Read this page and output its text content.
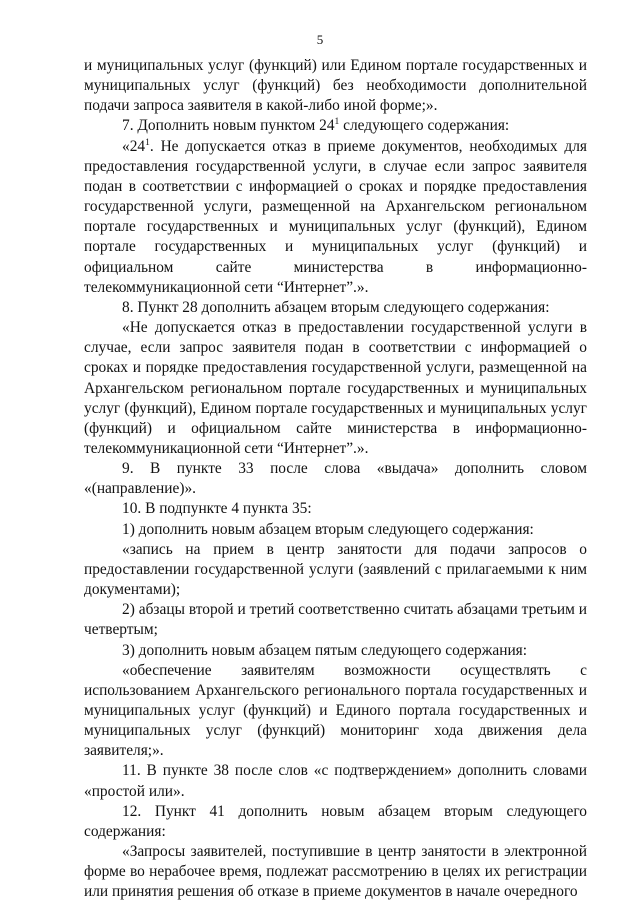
5

и муниципальных услуг (функций) или Едином портале государственных и муниципальных услуг (функций) без необходимости дополнительной подачи запроса заявителя в какой-либо иной форме;».

7. Дополнить новым пунктом $24^1$ следующего содержания:

«$24^1$. Не допускается отказ в приеме документов, необходимых для предоставления государственной услуги, в случае если запрос заявителя подан в соответствии с информацией о сроках и порядке предоставления государственной услуги, размещенной на Архангельском региональном портале государственных и муниципальных услуг (функций), Едином портале государственных и муниципальных услуг (функций) и официальном сайте министерства в информационно-телекоммуникационной сети “Интернет”.».

8. Пункт 28 дополнить абзацем вторым следующего содержания:

«Не допускается отказ в предоставлении государственной услуги в случае, если запрос заявителя подан в соответствии с информацией о сроках и порядке предоставления государственной услуги, размещенной на Архангельском региональном портале государственных и муниципальных услуг (функций), Едином портале государственных и муниципальных услуг (функций) и официальном сайте министерства в информационно-телекоммуникационной сети “Интернет”.».

9. В пункте 33 после слова «выдача» дополнить словом «(направление)».

10. В подпункте 4 пункта 35:

1) дополнить новым абзацем вторым следующего содержания:

«запись на прием в центр занятости для подачи запросов о предоставлении государственной услуги (заявлений с прилагаемыми к ним документами);

2) абзацы второй и третий соответственно считать абзацами третьим и четвертым;

3) дополнить новым абзацем пятым следующего содержания:

«обеспечение заявителям возможности осуществлять с использованием Архангельского регионального портала государственных и муниципальных услуг (функций) и Единого портала государственных и муниципальных услуг (функций) мониторинг хода движения дела заявителя;».

11. В пункте 38 после слов «с подтверждением» дополнить словами «простой или».

12. Пункт 41 дополнить новым абзацем вторым следующего содержания:

«Запросы заявителей, поступившие в центр занятости в электронной форме во нерабочее время, подлежат рассмотрению в целях их регистрации или принятия решения об отказе в приеме документов в начале очередного
